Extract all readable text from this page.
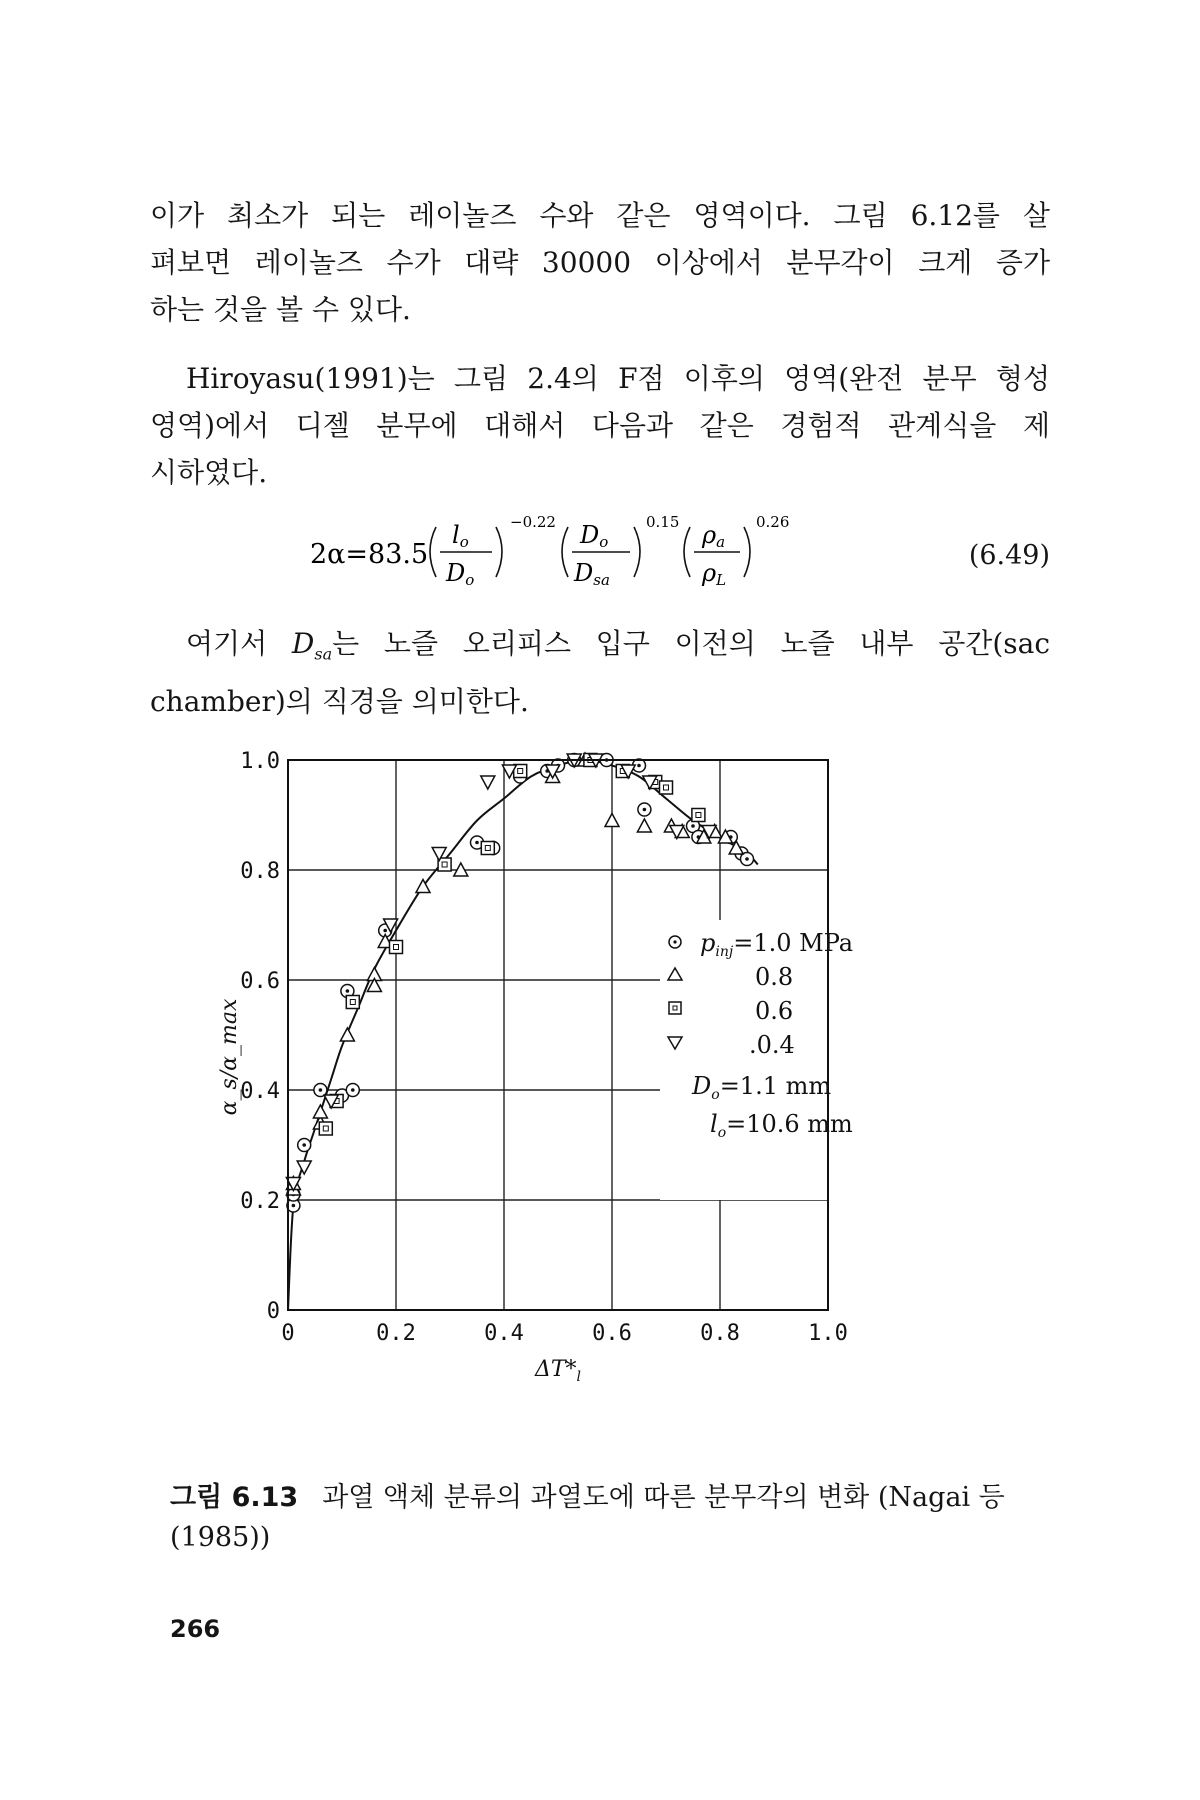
이가 최소가 되는 레이놀즈 수와 같은 영역이다. 그림 6.12를 살
펴보면 레이놀즈 수가 대략 30000 이상에서 분무각이 크게 증가
하는 것을 볼 수 있다.
Hiroyasu(1991)는 그림 2.4의 F점 이후의 영역(완전 분무 형성
영역)에서 디젤 분무에 대해서 다음과 같은 경험적 관계식을 제
시하였다.
2α=83.5
lo
Do
−0.22 Do
Dsa
0.15 ρa
ρL
0.26
(6.49)
여기서 $D_{sa}$는 노즐 오리피스 입구 이전의 노즐 내부 공간(sac
chamber)의 직경을 의미한다.
0
0
0.2
0.2
0.4
0.4
0.6
0.6
0.8
0.8
1.0
1.0
$p_{inj}=1.0$ MPa
0.8
0.6
.0.4
$D_o=1.1$ mm
$l_o=10.6$ mm
α_s/α_max
$\Delta T*_l$
그림 6.13 과열 액체 분류의 과열도에 따른 분무각의 변화 (Nagai 등 (1985))
266
